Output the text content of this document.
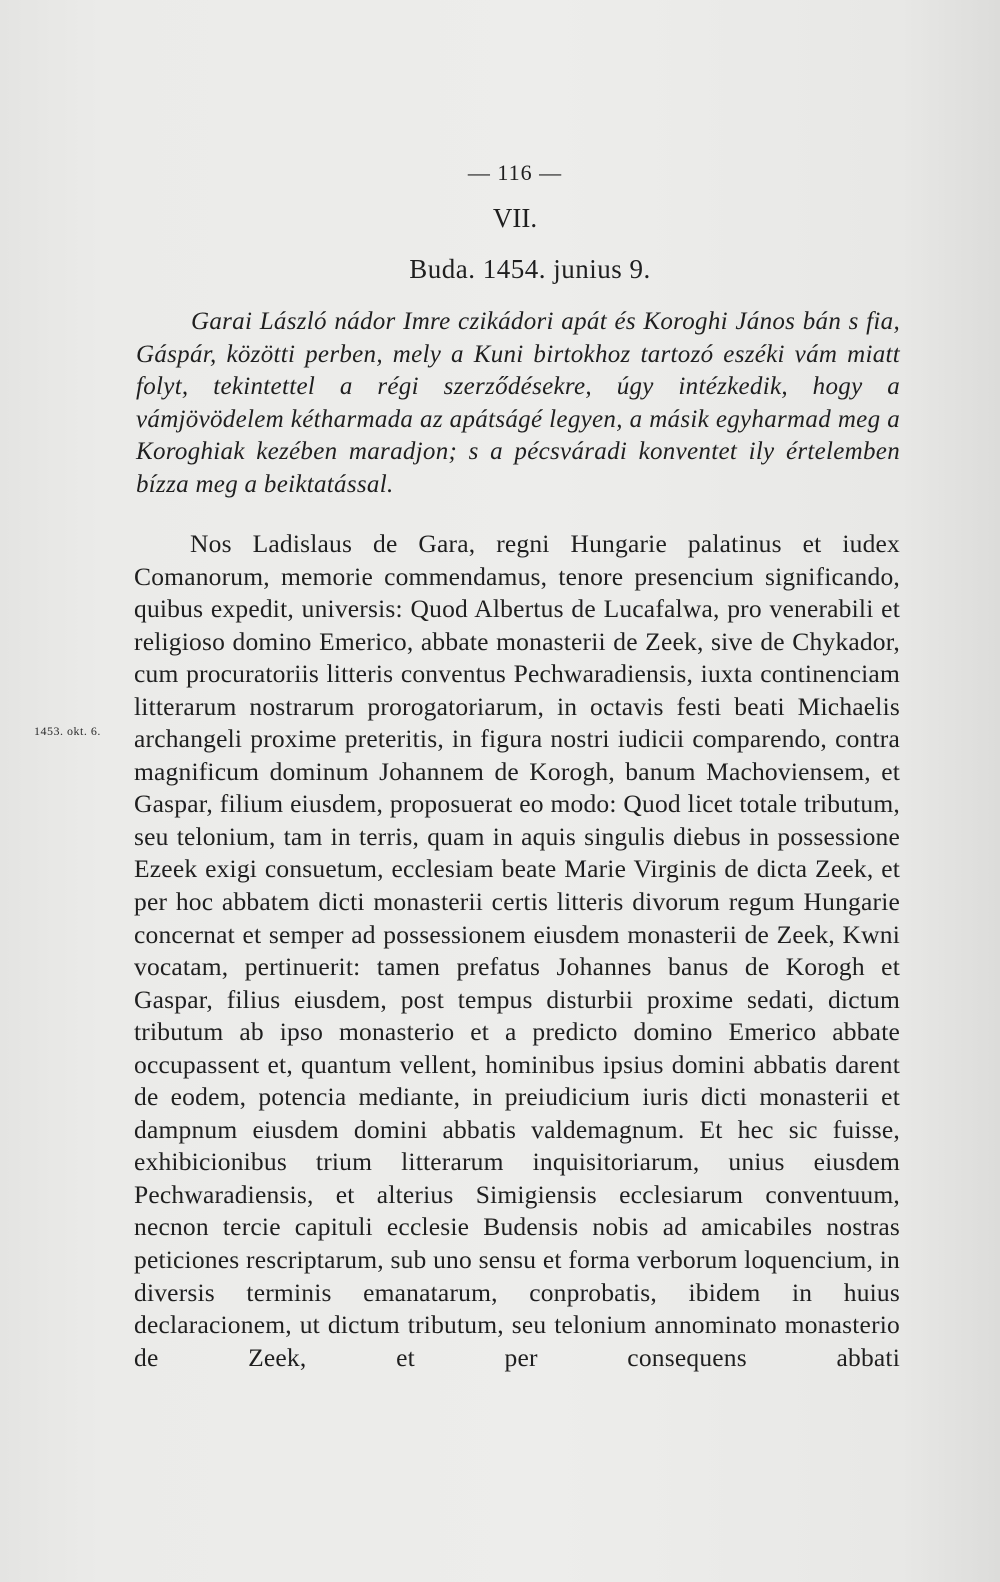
— 116 —
VII.
Buda. 1454. junius 9.

Garai László nádor Imre czikádori apát és Koroghi János bán s fia, Gáspár, közötti perben, mely a Kuni birtokhoz tartozó eszéki vám miatt folyt, tekintettel a régi szerződésekre, úgy intézkedik, hogy a vámjövödelem kétharmada az apátságé legyen, a másik egyharmad meg a Koroghiak kezében maradjon; s a pécsváradi konventet ily értelemben bízza meg a beiktatással.

1453. okt. 6.

Nos Ladislaus de Gara, regni Hungarie palatinus et iudex Comanorum, memorie commendamus, tenore presencium significando, quibus expedit, universis: Quod Albertus de Lucafalwa, pro venerabili et religioso domino Emerico, abbate monasterii de Zeek, sive de Chykador, cum procuratoriis litteris conventus Pechwaradiensis, iuxta continenciam litterarum nostrarum prorogatoriarum, in octavis festi beati Michaelis archangeli proxime preteritis, in figura nostri iudicii comparendo, contra magnificum dominum Johannem de Korogh, banum Machoviensem, et Gaspar, filium eiusdem, proposuerat eo modo: Quod licet totale tributum, seu telonium, tam in terris, quam in aquis singulis diebus in possessione Ezeek exigi consuetum, ecclesiam beate Marie Virginis de dicta Zeek, et per hoc abbatem dicti monasterii certis litteris divorum regum Hungarie concernat et semper ad possessionem eiusdem monasterii de Zeek, Kwni vocatam, pertinuerit: tamen prefatus Johannes banus de Korogh et Gaspar, filius eiusdem, post tempus disturbii proxime sedati, dictum tributum ab ipso monasterio et a predicto domino Emerico abbate occupassent et, quantum vellent, hominibus ipsius domini abbatis darent de eodem, potencia mediante, in preiudicium iuris dicti monasterii et dampnum eiusdem domini abbatis valdemagnum. Et hec sic fuisse, exhibicionibus trium litterarum inquisitoriarum, unius eiusdem Pechwaradiensis, et alterius Simigiensis ecclesiarum conventuum, necnon tercie capituli ecclesie Budensis nobis ad amicabiles nostras peticiones rescriptarum, sub uno sensu et forma verborum loquencium, in diversis terminis emanatarum, conprobatis, ibidem in huius declaracionem, ut dictum tributum, seu telonium annominato monasterio de Zeek, et per consequens abbati
